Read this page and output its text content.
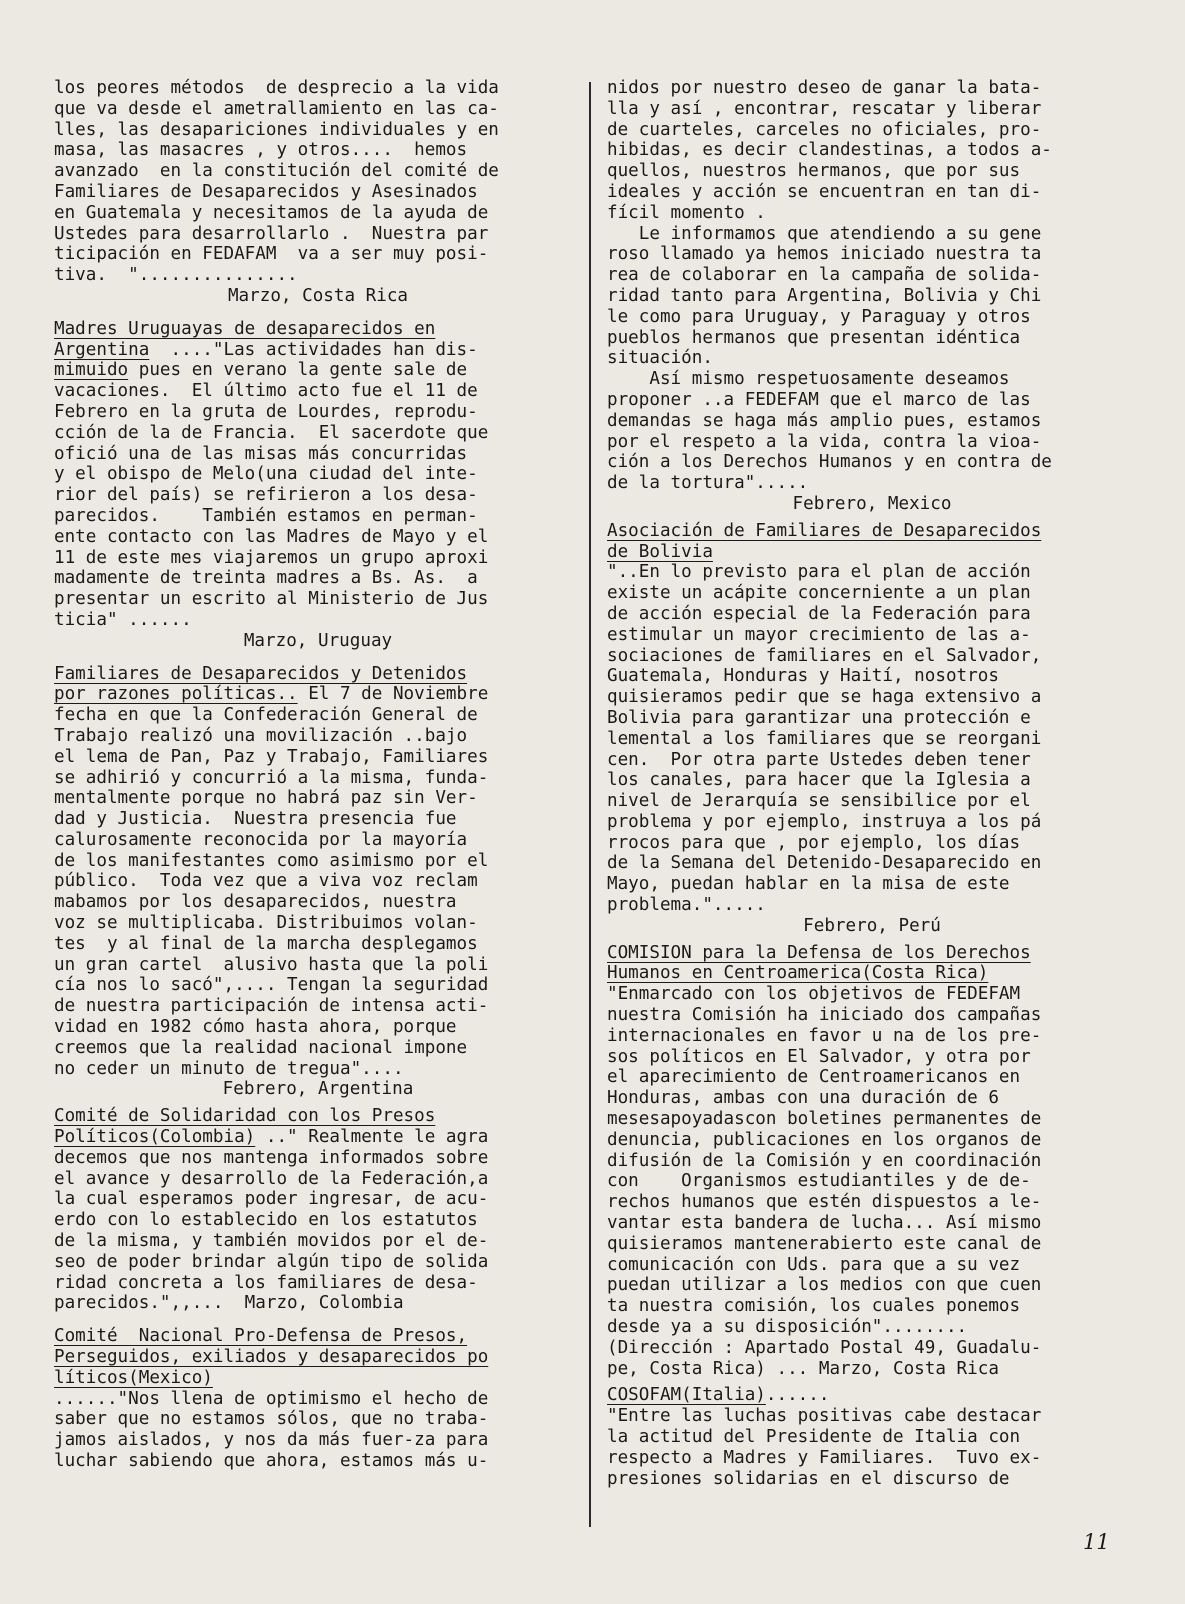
los peores métodos  de desprecio a la vida
que va desde el ametrallamiento en las ca-
lles, las desapariciones individuales y en
masa, las masacres , y otros....  hemos
avanzado  en la constitución del comité de
Familiares de Desaparecidos y Asesinados
en Guatemala y necesitamos de la ayuda de
Ustedes para desarrollarlo .  Nuestra par
ticipación en FEDAFAM  va a ser muy posi-
tiva.  "...............
Marzo, Costa Rica
Madres Uruguayas de desaparecidos en
Argentina  ...."Las actividades han dis-
mimuido pues en verano la gente sale de
vacaciones.  El último acto fue el 11 de
Febrero en la gruta de Lourdes, reprodu-
cción de la de Francia.  El sacerdote que
ofició una de las misas más concurridas
y el obispo de Melo(una ciudad del inte-
rior del país) se refirieron a los desa-
parecidos.    También estamos en perman-
ente contacto con las Madres de Mayo y el
11 de este mes viajaremos un grupo aproxi
madamente de treinta madres a Bs. As.  a
presentar un escrito al Ministerio de Jus
ticia" ......
Marzo, Uruguay
Familiares de Desaparecidos y Detenidos
por razones políticas.. El 7 de Noviembre
fecha en que la Confederación General de
Trabajo realizó una movilización ..bajo
el lema de Pan, Paz y Trabajo, Familiares
se adhirió y concurrió a la misma, funda-
mentalmente porque no habrá paz sin Ver-
dad y Justicia.  Nuestra presencia fue
calurosamente reconocida por la mayoría
de los manifestantes como asimismo por el
público.  Toda vez que a viva voz reclam
mabamos por los desaparecidos, nuestra
voz se multiplicaba. Distribuimos volan-
tes  y al final de la marcha desplegamos
un gran cartel  alusivo hasta que la poli
cía nos lo sacó",.... Tengan la seguridad
de nuestra participación de intensa acti-
vidad en 1982 cómo hasta ahora, porque
creemos que la realidad nacional impone
no ceder un minuto de tregua"....
Febrero, Argentina
Comité de Solidaridad con los Presos
Políticos(Colombia) .." Realmente le agra
decemos que nos mantenga informados sobre
el avance y desarrollo de la Federación,a
la cual esperamos poder ingresar, de acu-
erdo con lo establecido en los estatutos
de la misma, y también movidos por el de-
seo de poder brindar algún tipo de solida
ridad concreta a los familiares de desa-
parecidos.",,...  Marzo, Colombia
Comité  Nacional Pro-Defensa de Presos,
Perseguidos, exiliados y desaparecidos po
líticos(Mexico)
......"Nos llena de optimismo el hecho de
saber que no estamos sólos, que no traba-
jamos aislados, y nos da más fuer-za para
luchar sabiendo que ahora, estamos más u-
nidos por nuestro deseo de ganar la bata-
lla y así , encontrar, rescatar y liberar
de cuarteles, carceles no oficiales, pro-
hibidas, es decir clandestinas, a todos a-
quellos, nuestros hermanos, que por sus
ideales y acción se encuentran en tan di-
fícil momento .
Le informamos que atendiendo a su gene
roso llamado ya hemos iniciado nuestra ta
rea de colaborar en la campaña de solida-
ridad tanto para Argentina, Bolivia y Chi
le como para Uruguay, y Paraguay y otros
pueblos hermanos que presentan idéntica
situación.
Así mismo respetuosamente deseamos
proponer ..a FEDEFAM que el marco de las
demandas se haga más amplio pues, estamos
por el respeto a la vida, contra la vioa-
ción a los Derechos Humanos y en contra de
de la tortura".....
Febrero, Mexico
Asociación de Familiares de Desaparecidos
de Bolivia
"..En lo previsto para el plan de acción
existe un acápite concerniente a un plan
de acción especial de la Federación para
estimular un mayor crecimiento de las a-
sociaciones de familiares en el Salvador,
Guatemala, Honduras y Haití, nosotros
quisieramos pedir que se haga extensivo a
Bolivia para garantizar una protección e
lemental a los familiares que se reorgani
cen.  Por otra parte Ustedes deben tener
los canales, para hacer que la Iglesia a
nivel de Jerarquía se sensibilice por el
problema y por ejemplo, instruya a los pá
rrocos para que , por ejemplo, los días
de la Semana del Detenido-Desaparecido en
Mayo, puedan hablar en la misa de este
problema.".....
Febrero, Perú
COMISION para la Defensa de los Derechos
Humanos en Centroamerica(Costa Rica)
"Enmarcado con los objetivos de FEDEFAM
nuestra Comisión ha iniciado dos campañas
internacionales en favor u na de los pre-
sos políticos en El Salvador, y otra por
el aparecimiento de Centroamericanos en
Honduras, ambas con una duración de 6
mesesapoyadascon boletines permanentes de
denuncia, publicaciones en los organos de
difusión de la Comisión y en coordinación
con    Organismos estudiantiles y de de-
rechos humanos que estén dispuestos a le-
vantar esta bandera de lucha... Así mismo
quisieramos mantenerabierto este canal de
comunicación con Uds. para que a su vez
puedan utilizar a los medios con que cuen
ta nuestra comisión, los cuales ponemos
desde ya a su disposición"........
(Dirección : Apartado Postal 49, Guadalu-
pe, Costa Rica) ... Marzo, Costa Rica
COSOFAM(Italia)......
"Entre las luchas positivas cabe destacar
la actitud del Presidente de Italia con
respecto a Madres y Familiares.  Tuvo ex-
presiones solidarias en el discurso de
11
